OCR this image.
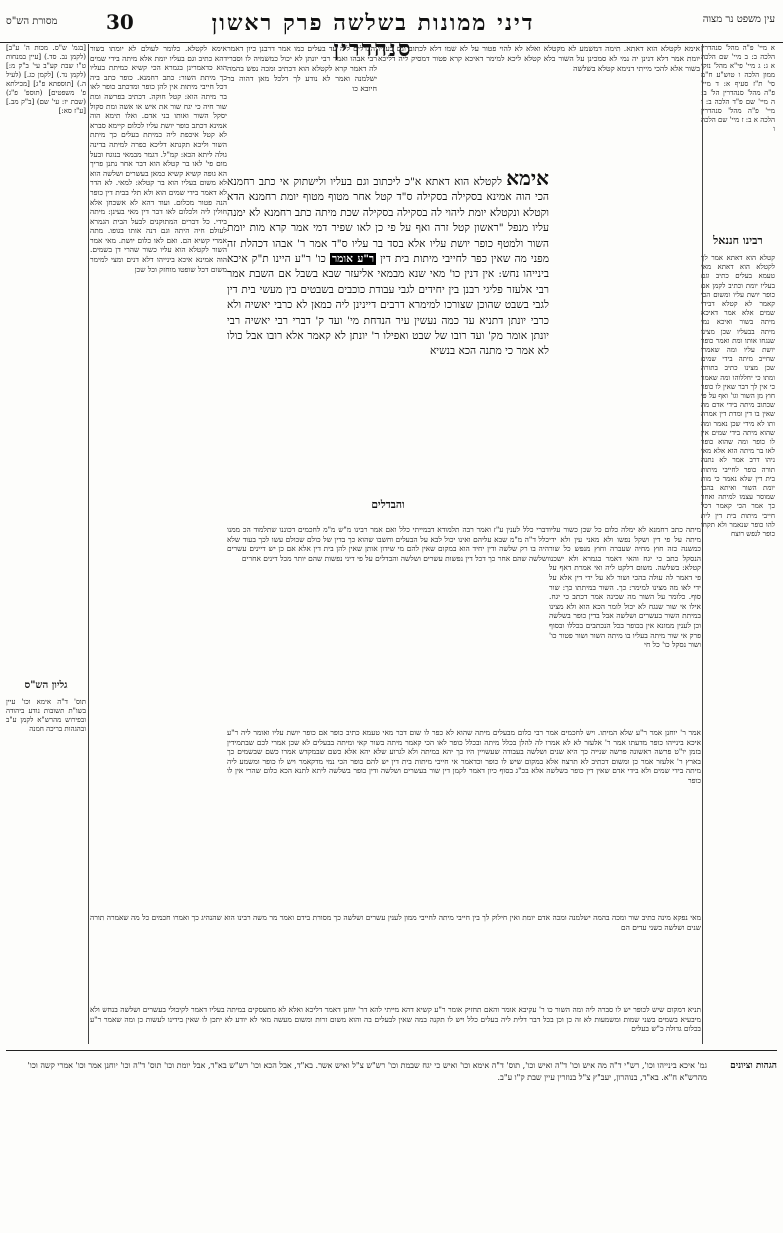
עין משפט נר מצוה
דיני ממונות בשלשה פרק ראשון סנהדרין
30
מסורת הש"ס
א מיי' פ"ה מהל' סנהדרין הלכה ב: ב מיי' שם הלכה א ג: ג מיי' פי"א מהל' נזקי ממון הלכה ו טוש"ע ח"מ סי' ת"ז סעיף א: ד מיי' פ"ה מהל' סנהדרין הל' ב: ה מיי' שם פ"ד הלכה ב: ו מיי' פ"ה מהל' סנהדרין הלכה א ב: ז מיי' שם הלכה ו
רבינו חננאל
קטלא הוא דאתא אמר לך לקטלא הוא דאתא מאי טעמא בעלים כתיב וגם בעליו יומת וכתיב לקמן אם כופר יושת עליו ומשום הכי קאמר לא קטלא דבידי שמים אלא אמר דאיכא מיתה בשור ואיכא נמי מיתה בבעליו שכן מצינו שנגחו אותו ומת ואמר כופר יושת עליו ומה שאמרו שחייב מיתה בידי שמים שכן מצינו כתיב בתורה ומתו כי יחללוהו ומה שאמר כי אין לך דבר שאין לו כופר חוץ מן השור וגו' ואף על פי שכתוב מיתה בידי אדם מה שאין בו דין ומדת דין אמרה ותו לא מידי שכן נאמר ומה שהוא מיתה בידי שמים אין לו כופר ומה שהוא כופר לאו בר מיתה הוא אלא מאי ניהו דרב אמר לא נתנה תורה כופר לחייבי מיתות בית דין שלא נאמר כי מות יומת השור ואיתא בהכי שמוסר עצמו למיתה ואחר כך אמר הכי קאמר דכל חייבי מיתות בית דין לית להו כופר שנאמר ולא תקחו כופר לנפש רוצח
אימא לקטלא הוא דאתא. תימה דמשמע לא מקטלא ואלא לא להוי פטור על לא שמו דלא לכתוב וגם בעליו יומת אמר דלא דנינן יה נמי לא סמכינן על השור בלא קטלא ליכא למימר דאיכא קרא פטור דמסיק ליה דליכא בשור אלא להכי מייתי דנימא קטלא בשלשה
והבדלים ליה עד בעלים כמו אמר דרבנן כיון דאמר רבי אבהו ואמר רבי יונתן לא יכול כמשמיה לו וסברי לה דאמר קרא לקטלא הוא דכתיב ומכה נפש בהמה ישלמנה ואמר לא נודע לך דלכל מאן דהוה בר חיובא כו
אימא לקטלא. כלומר לעולם לא יומתו בשור דהא כתיב וגם בעליו יומת אלא מיתה בידי שמים הוא כדאמרינן בגמרא הכי קשיא כמיתת בעליו כך מיתת השור: כתב רחמנא. כופר כתב ביה דכל חייבי מיתות אין להן כופר ומדכתב כופר לאו בר מיתה הוא: קטל חוקה. דכתיב בפרשה ומת שור חיה כי יגח שור את איש או אשה ומת סקול יסקל השור ואותו בני אדם. ואלו תימא הוה אמינא דכתב כופר יושת עליו לכלום קיימא סברא לא קטל איכפת ליה כמיתת בעלים כך מיתת השור וליכא תקנתא דליכא כפרה למיתה בדינה גולה ליתא הכא: קמ"ל. דגמר מבמאי בנוגח ובעל מום פי' לאו בר קטלא הוא דבר אחר נתנן פריך הא גופה קשיא קשיא כמאן בעשרים ושלשה הוא לא משום בעליו הוא בר קטלא: למאי. לא הדר לא דאמר בידי שמים הוא ולא תלי בבית דין כופר הנה פטור מכלום. ועוד דהא לא אשכחן אלא חולין ליה ולכלום לאו דבר דין מאי בעינן: מיתה בידי. כל דברים המתוקנים לבעל הבית הגמרא לעולם חיה היתה וגם דנה אותו בגופו. מתה אמרי קשיא הם. ואם לאו כלום יושת. מאי אמר השור לקטלא הוא עליו כשור שהרי דן בשמים. הוה אמינא איכא בינייהו דלא דנים ומצי למימר משום דכל שופטו מוחזק וכל שכן
אימא לקטלא הוא דאתא א"כ ליכתוב וגם בעליו ולישתוק אי כתב רחמנא הכי הוה אמינא בסקילה בסקילה ס"ד קטל אחר מטוף מטוף יומת רחמנא הדא וקטלא ונקטלא יומת ליהוי לה בסקילה בסקילה שכת מיתה כתב רחמנא לא ימנה עליו מנפל "ראשון קטל זרה ואף על פי כן לאו שפיר דמי אמר קרא מות יומת השור ולמטף כופר יושת עליו אלא בסד בר עליו ס"ד אמר ר' אבהו דכהלת זה מפני מה שאין כפר לחייבי מיתות בית דין ר"ע אומר כו' ר"ע היינו ת"ק איכא בינייהו נחש: אין דנין כו' מאי שנא מבמאי אליעזר שבא בשבל אם השבת אמר רבי אלעזר פליגי רבנן בין יחידים לגבי עבודת כוכבים בשבטים בין מעשי בית דין לגבי בשבט שהוכן שצורכו למימרא דרבים דיינינן ליה כמאן לא כרבי יאשיה ולא כרבי יונתן דתניא עד כמה נעשין עיר הנדחת מי' ועד ק' דברי רבי יאשיה רבי יונתן אומר מק' ועד רובו של שבט ואפילו ר' יונתן לא קאמר אלא רובו אבל כולו לא אמר כי מתנה הכא בנשיא
והבדלים
מיתה כתב רחמנא לא ימלה כלום כל שכן כשור עליו מיתה על פי דין ושקל נפשו ולא מאני עין ולא ידי כמשנה כזה חוץ מחיה שעברה וחוץ מנפש כל שור הנסקל כתב כי יגח והאי דאמר בגמרא ולא ישכנו קטלא: בשלשה. משום דלקט ליה ואי אמרת דאף על פי דאמר לה עולה בהכי ושור לא על ידי דין אלא על ידי לאו מה מצינו למימר: כך. השור במיתתו כך: שור סוף. כלומר על השור מה שכינה אמר דכתב כי יגח. אילו אי שור שנגח לא יכול לומר הכא הוא ולא מצינו במיתת השור בעשרים ושלשה אבל בדין כופר בשלשה וכן לענין ממונא אין בכופר בכל הנכתבים בכללו ובסוף פרק אי שור מיתה בעליו בו מיתה השור ושור פטור כו' ושור נסקל כו' כל חי
דברי כלל לענין ע"ז ואמר רבה תלמודא דבמייתי כלל ואם אמר רבינו מ"ש מ"מ לחכמים דכוננו שתלמוד הכ ממנו כלל ד"ה מ"מ שבא עליהם ואינו יכול לבא על הבעלים וחשבו שהוא כך בדין של כולם שכולם עשו לכך בעוד שלא היה בו רק שלשה ודין יחיד הוא במקום שאין להם מי שידון אותן שאין להן בית דין אלא אם כן יש דיינים עשרים ושלשה שהם אחר כך דכל דין נפשות עשרים ושלשה והבדלים על פי דיני נפשות שהם יותר מכל דינים אחרים
אמר ר' יוחנן אמר ר"ע שלא המיתו. ויש לחכמים אמר רבי כלום מבעלים מיתה שהוא לא כפר לו שום דבר מאי טעמא כתיב כופר אם כופר יושת עליו ואומר ליה ר"ע איכא בינייהו כופר מדעתו אמר ר' אלעזר לא לא אמרו לה להלן בכלל מיתה ובכלל כופר לאו הכי קאמר מיתה בשור קאי ומיתה בבעלים לא שכן אמרי לכם שבתמידין בזמן יו"ט פרשה ראשונה פרשה שנייה כך היא שנים ושלשה בעבודה שעשויין היו כך יהא במיתה ולא לגרוע שלא יהא אלא כשם שבמקדש אמרו כשם שבשמים כך בארץ ר' אלעזר אמר כן ומשום דכתיב לא תרצח אלא במקום שיש לו כופר וכדאמר אי חייבי מיתות בית דין יש להם כופר הכי נמי מדקאמר ויש לו כופר ומשמע ליה מיתה בידי שמים ולא בידי אדם שאין דין כופר בשלשה אלא בכ"ג בסוף כיון דאמר לקמן דין שור בעשרים ושלשה ודין כופר בשלשה ליתא לתנא הכא כלום שהרי אין לו כופר
מאי נפקא מינה כתיב שור ומכה בהמה ישלמנה ומכה אדם יומת ואין חילוק לך בין חייבי מיתה לחייבי ממון לענין עשרים ושלשה כך מסורת בידם ואמר מר משה רבינו הוא שהנהיג כך ואמרו חכמים כל מה שאמרה תורה שנים ושלשה כשני עדים הם
תניא דמקום שיש לכופר יש לו סברה ליה ומה השור כו ר' עקיבא אומר והאם תחזיק אומר ר"ע קשיא דהא מייתי להא דר' יוחנן דאמר דליכא ואלא לא מתעסקים במיתה בעליו דאמר לקיבולי בעשרים ושלשה בנחש ולא מיבעיא בשמים בשני שמות ומשמעות לא זה כן וכן בכל דבר דלית ליה בעלים כלל ויש לו תקנה במה שאין לבעלים בה והוא משום זרות ומשום מעשה מאי לא יודע לא יתכן לו שאין בידינו לעשות כן ומה שאמר ר"ע בכלום גדולה כ"ש בעלים
[בגמ' ש"ס. מכות ה' ע"ב] (לקמן נב. סד.) [עיין במנחות ט"ו שבת קע"ב עי' ב"ק מ:] (לקמן נד.) [לקמן כג.] (לעיל ה.) [תוספתא פ"ג] [מכילתא פ' משפטים] (תוספ' פ"ג) (שבת יז: עי' שם) [ב"ק מב.] [ע"ז סא:]
גליון הש"ס
תוס' ד"ה אימא וכו' עיין בשו"ת תשובות נודע ביהודה ובפירוש מהרש"א לקמן ע"ב ובהגהות בריכה חמנה
הגהות וציונים
גמ' איכא בינייהו וכו', רש"י ד"ה מה איש וכו' ד"ה ואיש וכו', תוס' ד"ה אימא וכו' ואיש כי יגח שבמת וכו' רש"ש צ"ל ואיש אשר. בא"ד, אבל הכא וכו' רש"ש בא"ד, אבל יומת וכו' תוס' ד"ה וכו' יוחנן אמר וכו' אמרי קשה וכו' מהרש"א ח"א. בא"ד, בנוהרון, יעב"ץ צ"ל בנוזרין עיין שבת ק"ו ע"ב.
